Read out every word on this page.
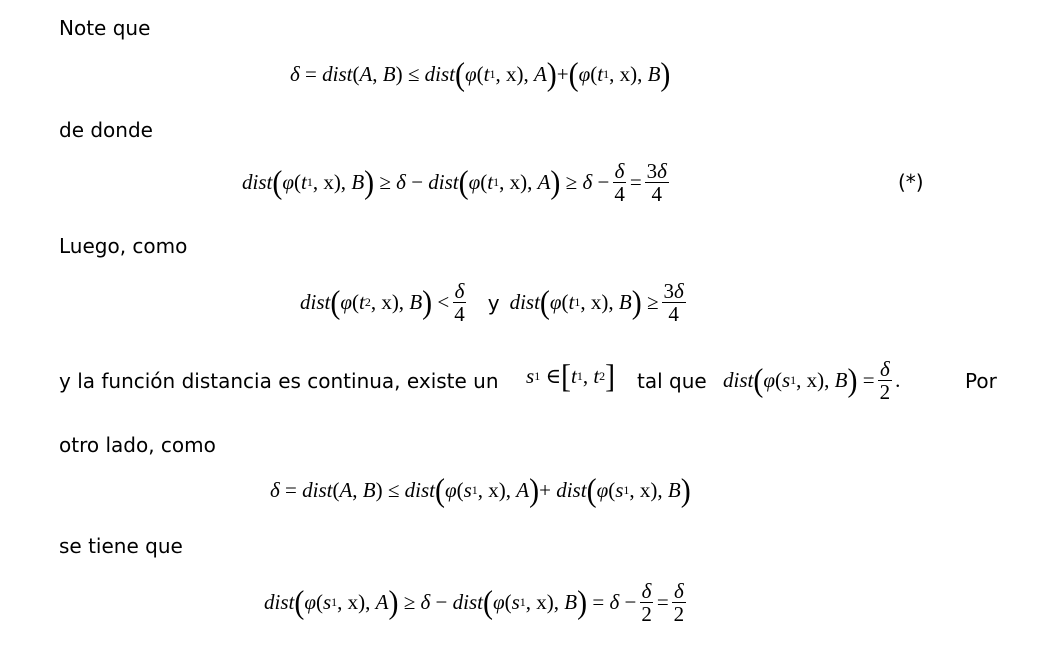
Note que
δ = dist ( A , B ) ≤ dist ( φ ( t 1 , x), A ) + ( φ ( t 1 , x), B )
de donde
dist ( φ ( t 1 , x), B ) ≥ δ − dist ( φ ( t 1 , x), A ) ≥ $\delta - \frac{\delta}{4} = \frac{3\delta}{4}$	(*)
Luego, como
dist ( φ ( t 2 , x), B ) < $\frac{\delta}{4}$ y dist ( φ ( t 1 , x), B ) ≥ $\frac{3\delta}{4}$
y la función distancia es continua, existe un s 1 ∈ [ t 1 , t 2 ] tal que dist ( φ ( s 1 , x), B ) = $\frac{\delta}{2}$ .	Por
otro lado, como
δ = dist ( A , B ) ≤ dist ( φ ( s 1 , x), A ) + dist ( φ ( s 1 , x), B )
se tiene que
dist ( φ ( s 1 , x), A ) ≥ δ − dist ( φ ( s 1 , x), B ) = $\delta - \frac{\delta}{2} = \frac{\delta}{2}$
